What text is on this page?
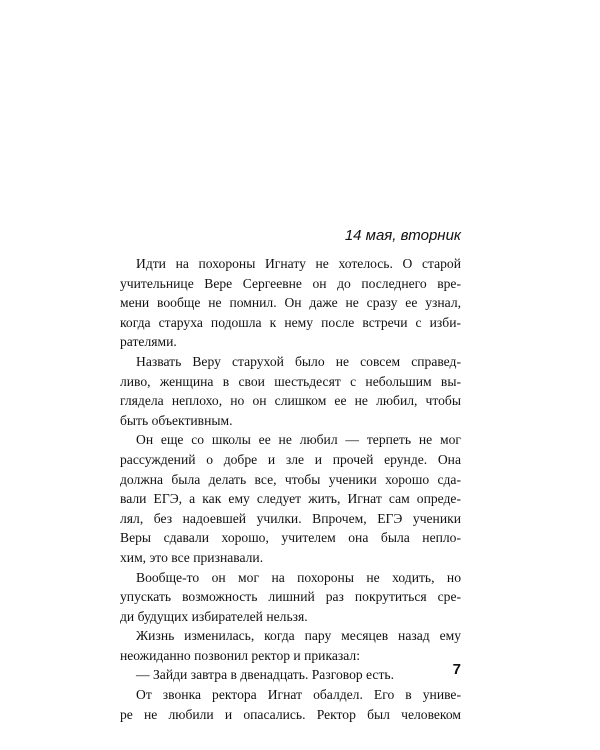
14 мая, вторник

Идти на похороны Игнату не хотелось. О старой
учительнице Вере Сергеевне он до последнего вре-
мени вообще не помнил. Он даже не сразу ее узнал,
когда старуха подошла к нему после встречи с изби-
рателями.
Назвать Веру старухой было не совсем справед-
ливо, женщина в свои шестьдесят с небольшим вы-
глядела неплохо, но он слишком ее не любил, чтобы
быть объективным.
Он еще со школы ее не любил — терпеть не мог
рассуждений о добре и зле и прочей ерунде. Она
должна была делать все, чтобы ученики хорошо сда-
вали ЕГЭ, а как ему следует жить, Игнат сам опреде-
лял, без надоевшей училки. Впрочем, ЕГЭ ученики
Веры сдавали хорошо, учителем она была непло-
хим, это все признавали.
Вообще-то он мог на похороны не ходить, но
упускать возможность лишний раз покрутиться сре-
ди будущих избирателей нельзя.
Жизнь изменилась, когда пару месяцев назад ему
неожиданно позвонил ректор и приказал:
— Зайди завтра в двенадцать. Разговор есть.
От звонка ректора Игнат обалдел. Его в униве-
ре не любили и опасались. Ректор был человеком

7
